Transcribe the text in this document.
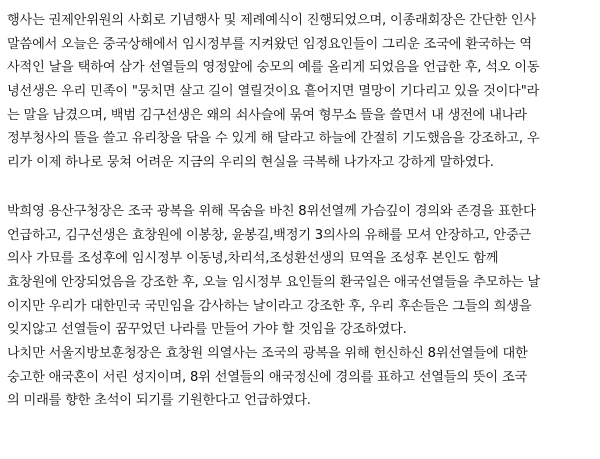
행사는 권제안위원의 사회로 기념행사 및 제례예식이 진행되었으며, 이종래회장은 간단한 인사
말씀에서 오늘은 중국상해에서 임시정부를 지켜왔던 임정요인들이 그리운 조국에 환국하는 역
사적인 날을 택하여 삼가 선열들의 영정앞에 숭모의 예를 올리게 되었음을 언급한 후, 석오 이동
녕선생은 우리 민족이 "뭉치면 살고 길이 열릴것이요 흩어지면 멸망이 기다리고 있을 것이다"라
는 말을 남겼으며, 백범 김구선생은 왜의 쇠사슬에 묶여 형무소 뜰을 쓸면서 내 생전에 내나라
정부청사의 뜰을 쓸고 유리창을 닦을 수 있게 해 달라고 하늘에 간절히 기도했음을 강조하고, 우
리가 이제 하나로 뭉쳐 어려운 지금의 우리의 현실을 극복해 나가자고 강하게 말하였다.
박희영 용산구청장은 조국 광복을 위해 목숨을 바친 8위선열께 가슴깊이 경의와 존경을 표한다
언급하고, 김구선생은 효창원에 이봉창, 윤봉길,백정기 3의사의 유해를 모셔 안장하고, 안중근
의사 가묘를 조성후에 임시정부 이동녕,차리석,조성환선생의 묘역을 조성후 본인도 함께
효창원에 안장되었음을 강조한 후, 오늘 임시정부 요인들의 환국일은 애국선열들을 추모하는 날
이지만 우리가 대한민국 국민임을 감사하는 날이라고 강조한 후, 우리 후손들은 그들의 희생을
잊지않고 선열들이 꿈꾸었던 나라를 만들어 가야 할 것임을 강조하였다.
나치만 서울지방보훈청장은 효창원 의열사는 조국의 광복을 위해 헌신하신 8위선열들에 대한
숭고한 애국혼이 서린 성지이며, 8위 선열들의 애국정신에 경의를 표하고 선열들의 뜻이 조국
의 미래를 향한 초석이 되기를 기원한다고 언급하였다.
